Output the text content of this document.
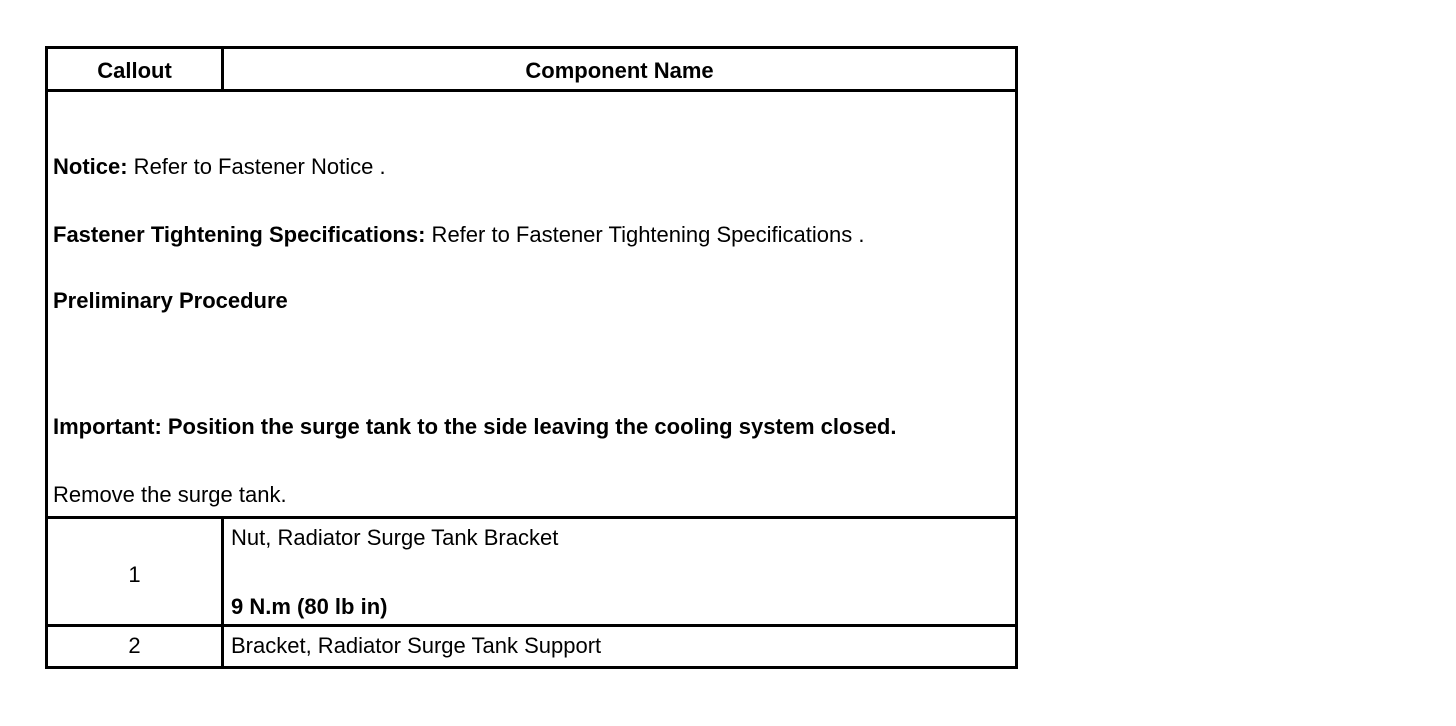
Callout	Component Name
Notice: Refer to Fastener Notice .
Fastener Tightening Specifications: Refer to Fastener Tightening Specifications .
Preliminary Procedure
Important: Position the surge tank to the side leaving the cooling system closed.
Remove the surge tank.
1
Nut, Radiator Surge Tank Bracket
9 N.m (80 lb in)
2	Bracket, Radiator Surge Tank Support
